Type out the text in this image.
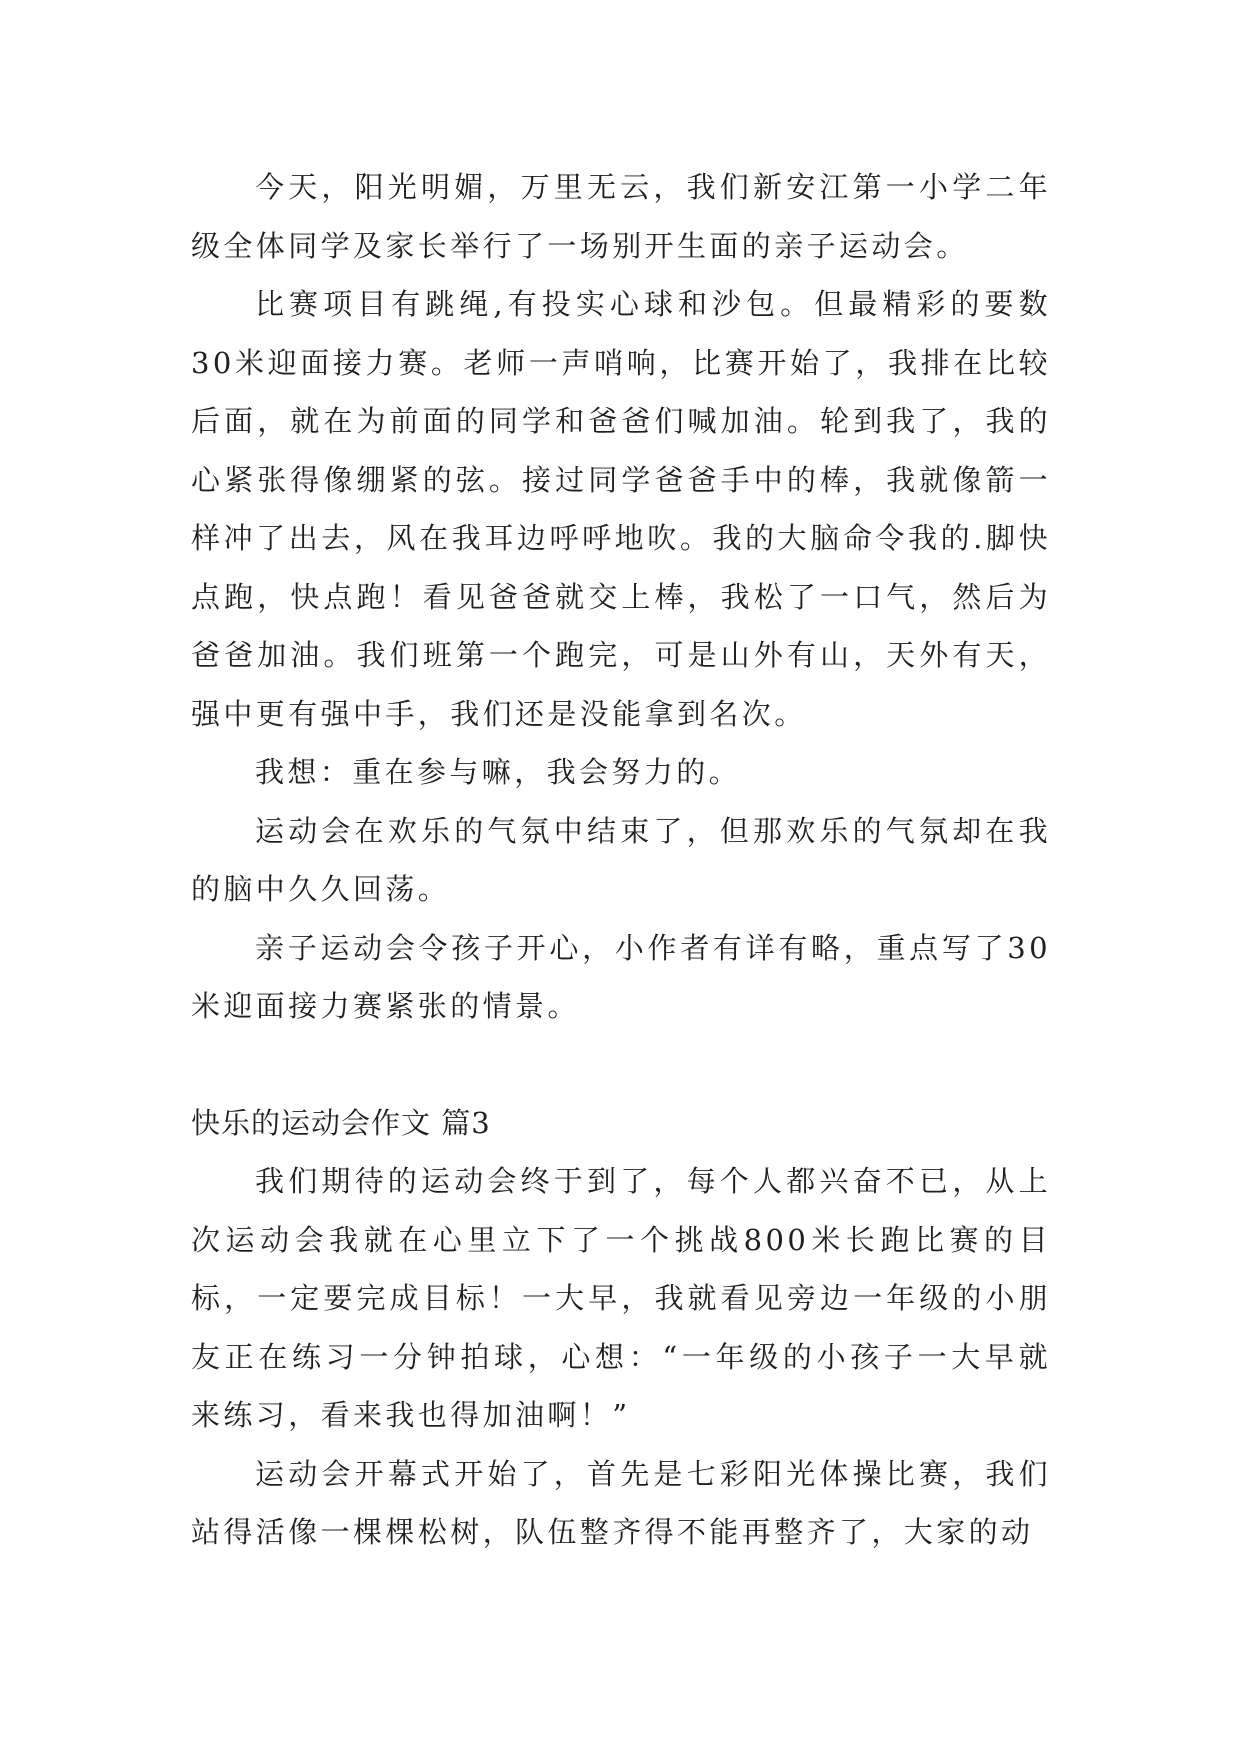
今天，阳光明媚，万里无云，我们新安江第一小学二年级全体同学及家长举行了一场别开生面的亲子运动会。

比赛项目有跳绳,有投实心球和沙包。但最精彩的要数30米迎面接力赛。老师一声哨响，比赛开始了，我排在比较后面，就在为前面的同学和爸爸们喊加油。轮到我了，我的心紧张得像绷紧的弦。接过同学爸爸手中的棒，我就像箭一样冲了出去，风在我耳边呼呼地吹。我的大脑命令我的.脚快点跑，快点跑！看见爸爸就交上棒，我松了一口气，然后为爸爸加油。我们班第一个跑完，可是山外有山，天外有天，强中更有强中手，我们还是没能拿到名次。

我想：重在参与嘛，我会努力的。

运动会在欢乐的气氛中结束了，但那欢乐的气氛却在我的脑中久久回荡。

亲子运动会令孩子开心，小作者有详有略，重点写了30米迎面接力赛紧张的情景。

快乐的运动会作文 篇3

我们期待的运动会终于到了，每个人都兴奋不已，从上次运动会我就在心里立下了一个挑战800米长跑比赛的目标，一定要完成目标！一大早，我就看见旁边一年级的小朋友正在练习一分钟拍球，心想：“一年级的小孩子一大早就来练习，看来我也得加油啊！”

运动会开幕式开始了，首先是七彩阳光体操比赛，我们站得活像一棵棵松树，队伍整齐得不能再整齐了，大家的动
